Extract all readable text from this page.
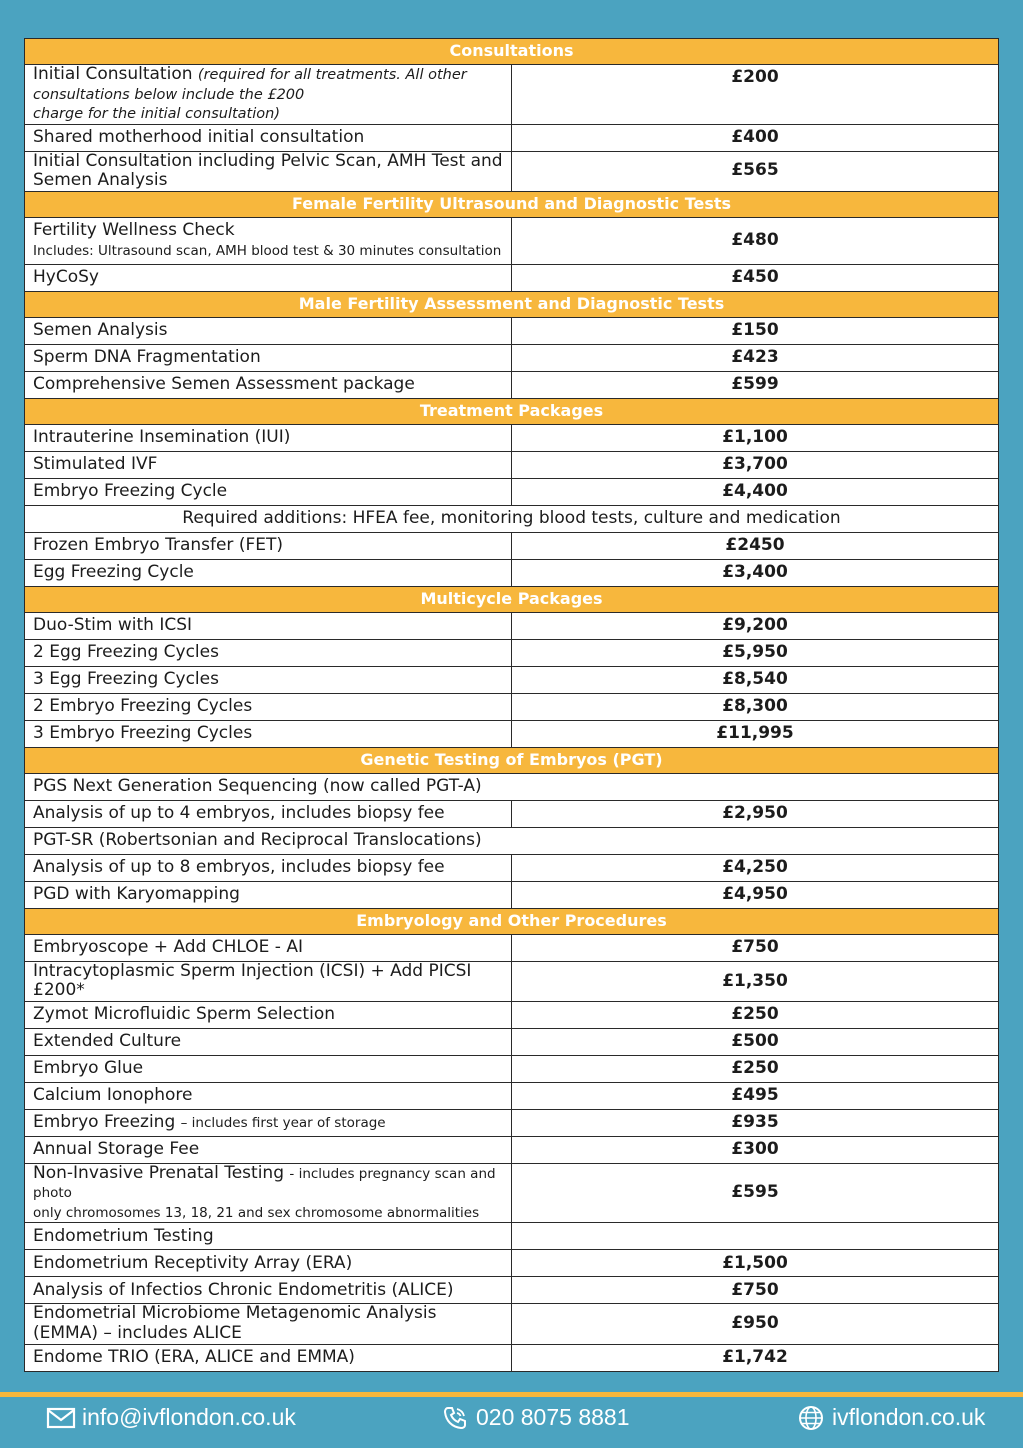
Consultations	
Initial Consultation (required for all treatments. All other consultations below include the £200
charge for the initial consultation)	£200
Shared motherhood initial consultation	£400
Initial Consultation including Pelvic Scan, AMH Test and Semen Analysis	£565
Female Fertility Ultrasound and Diagnostic Tests	
Fertility Wellness Check
Includes: Ultrasound scan, AMH blood test & 30 minutes consultation	£480
HyCoSy	£450
Male Fertility Assessment and Diagnostic Tests	
Semen Analysis	£150
Sperm DNA Fragmentation	£423
Comprehensive Semen Assessment package	£599
Treatment Packages	
Intrauterine Insemination (IUI)	£1,100
Stimulated IVF	£3,700
Embryo Freezing Cycle	£4,400
Required additions: HFEA fee, monitoring blood tests, culture and medication	
Frozen Embryo Transfer (FET)	£2450
Egg Freezing Cycle	£3,400
Multicycle Packages	
Duo-Stim with ICSI	£9,200
2 Egg Freezing Cycles	£5,950
3 Egg Freezing Cycles	£8,540
2 Embryo Freezing Cycles	£8,300
3 Embryo Freezing Cycles	£11,995
Genetic Testing of Embryos (PGT)	
PGS Next Generation Sequencing (now called PGT-A)	
Analysis of up to 4 embryos, includes biopsy fee	£2,950
PGT-SR (Robertsonian and Reciprocal Translocations)	
Analysis of up to 8 embryos, includes biopsy fee	£4,250
PGD with Karyomapping	£4,950
Embryology and Other Procedures	
Embryoscope + Add CHLOE - AI	£750
Intracytoplasmic Sperm Injection (ICSI) + Add PICSI £200*	£1,350
Zymot Microfluidic Sperm Selection	£250
Extended Culture	£500
Embryo Glue	£250
Calcium Ionophore	£495
Embryo Freezing – includes first year of storage	£935
Annual Storage Fee	£300
Non-Invasive Prenatal Testing - includes pregnancy scan and photo
only chromosomes 13, 18, 21 and sex chromosome abnormalities	£595
Endometrium Testing	
Endometrium Receptivity Array (ERA)	£1,500
Analysis of Infectios Chronic Endometritis (ALICE)	£750
Endometrial Microbiome Metagenomic Analysis (EMMA) – includes ALICE	£950
Endome TRIO (ERA, ALICE and EMMA)	£1,742
info@ivflondon.co.uk	020 8075 8881	ivflondon.co.uk
